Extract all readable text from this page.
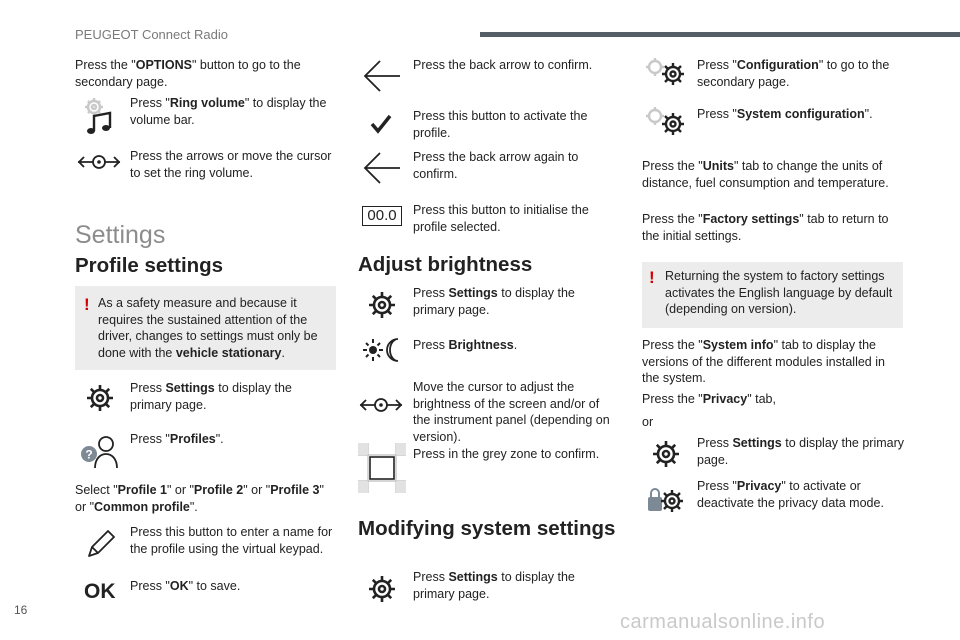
PEUGEOT Connect Radio
Press the "OPTIONS" button to go to the secondary page.
Press "Ring volume" to display the volume bar.
Press the arrows or move the cursor to set the ring volume.
Settings
Profile settings
! As a safety measure and because it requires the sustained attention of the driver, changes to settings must only be done with the vehicle stationary.
Press Settings to display the primary page.
?
Press "Profiles".
Select "Profile 1" or "Profile 2" or "Profile 3" or "Common profile".
Press this button to enter a name for the profile using the virtual keypad.
OK Press "OK" to save.
Press the back arrow to confirm.
Press this button to activate the profile.
Press the back arrow again to confirm.
00.0	Press this button to initialise the profile selected.
Adjust brightness
Press Settings to display the primary page.
Press Brightness.
Move the cursor to adjust the brightness of the screen and/or of the instrument panel (depending on version).
Press in the grey zone to confirm.
Modifying system settings
Press Settings to display the primary page.
Press "Configuration" to go to the secondary page.
Press "System configuration".
Press the "Units" tab to change the units of distance, fuel consumption and temperature.
Press the "Factory settings" tab to return to the initial settings.
! Returning the system to factory settings activates the English language by default (depending on version).
Press the "System info" tab to display the versions of the different modules installed in the system.
Press the "Privacy" tab,
or
Press Settings to display the primary page.
Press "Privacy" to activate or deactivate the privacy data mode.
16
carmanualsonline.info
